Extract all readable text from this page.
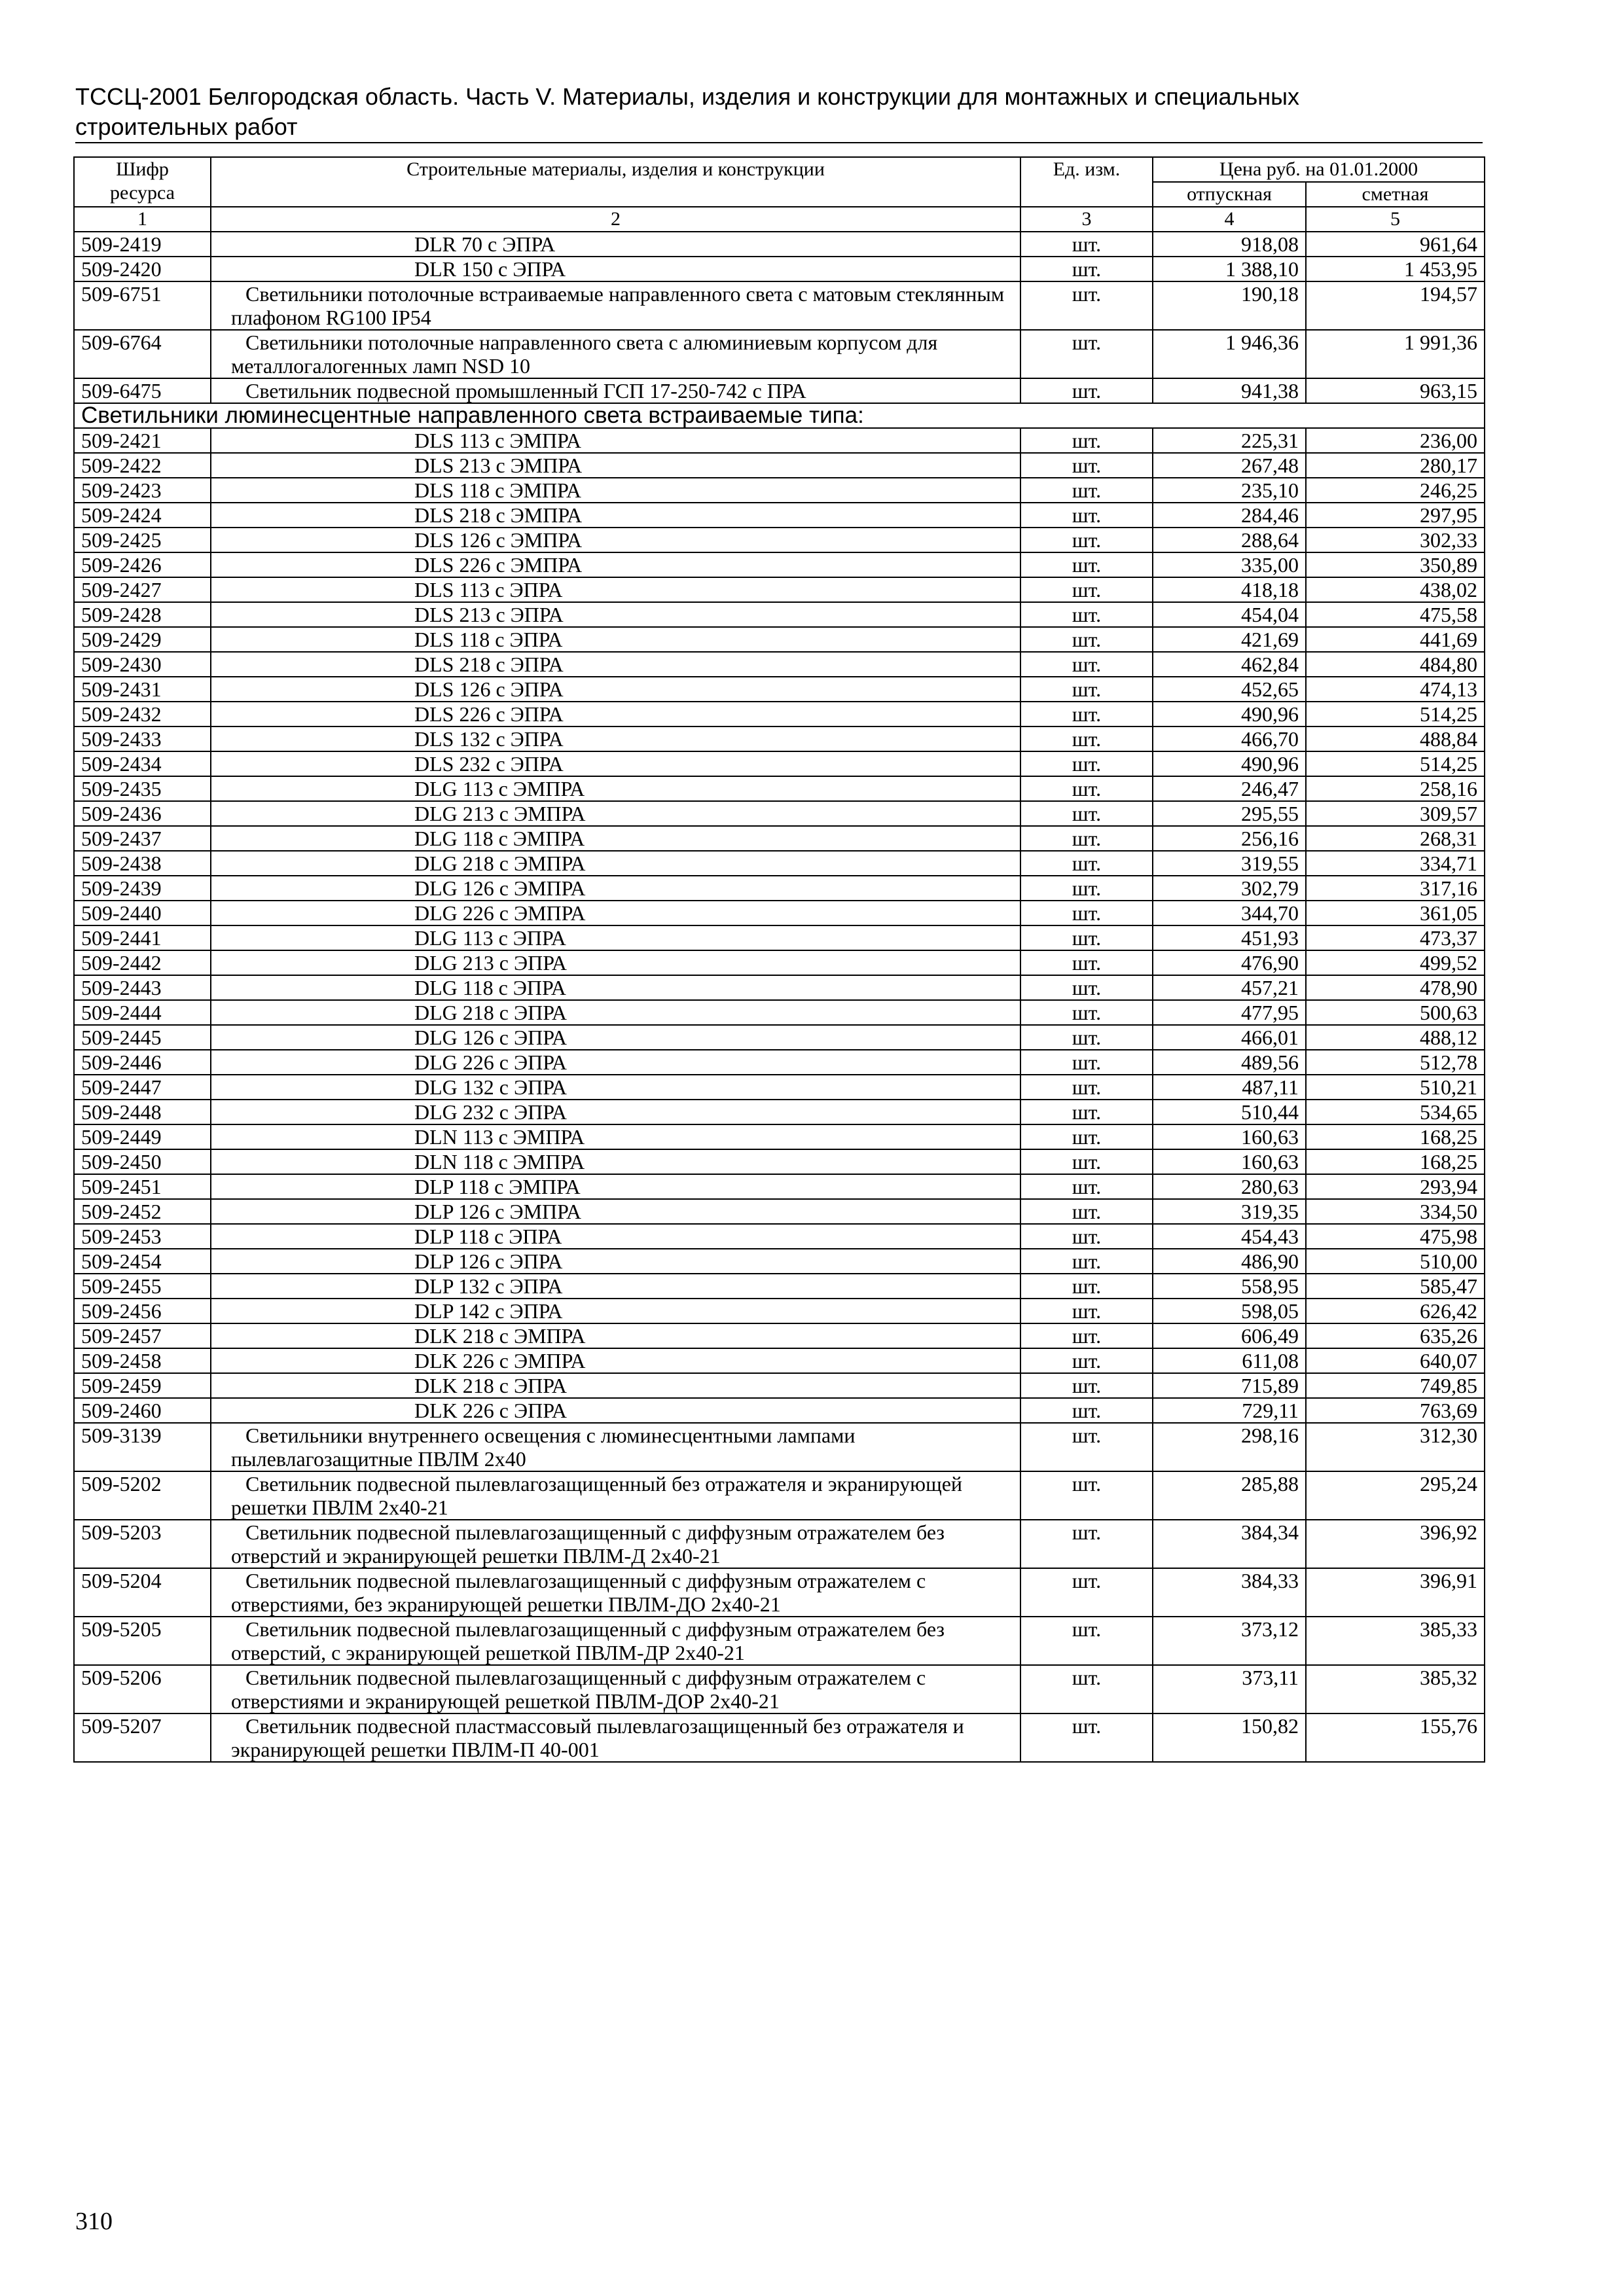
ТССЦ-2001 Белгородская область. Часть V. Материалы, изделия и конструкции для монтажных и специальных
строительных работ
Шифр ресурса	Строительные материалы, изделия и конструкции	Ед. изм.	Цена руб. на 01.01.2000	
			отпускная	сметная
1	2	3	4	5
509-2419	DLR 70 с ЭПРА	шт.	918,08	961,64
509-2420	DLR 150 с ЭПРА	шт.	1 388,10	1 453,95
509-6751	Светильники потолочные встраиваемые направленного света с матовым стеклянным плафоном RG100 IP54	шт.	190,18	194,57
509-6764	Светильники потолочные направленного света с алюминиевым корпусом для металлогалогенных ламп NSD 10	шт.	1 946,36	1 991,36
509-6475	Светильник подвесной промышленный ГСП 17-250-742 с ПРА	шт.	941,38	963,15
Светильники люминесцентные направленного света встраиваемые типа:				
509-2421	DLS 113 с ЭМПРА	шт.	225,31	236,00
509-2422	DLS 213 с ЭМПРА	шт.	267,48	280,17
509-2423	DLS 118 с ЭМПРА	шт.	235,10	246,25
509-2424	DLS 218 с ЭМПРА	шт.	284,46	297,95
509-2425	DLS 126 с ЭМПРА	шт.	288,64	302,33
509-2426	DLS 226 с ЭМПРА	шт.	335,00	350,89
509-2427	DLS 113 с ЭПРА	шт.	418,18	438,02
509-2428	DLS 213 с ЭПРА	шт.	454,04	475,58
509-2429	DLS 118 с ЭПРА	шт.	421,69	441,69
509-2430	DLS 218 с ЭПРА	шт.	462,84	484,80
509-2431	DLS 126 с ЭПРА	шт.	452,65	474,13
509-2432	DLS 226 с ЭПРА	шт.	490,96	514,25
509-2433	DLS 132 с ЭПРА	шт.	466,70	488,84
509-2434	DLS 232 с ЭПРА	шт.	490,96	514,25
509-2435	DLG 113 с ЭМПРА	шт.	246,47	258,16
509-2436	DLG 213 с ЭМПРА	шт.	295,55	309,57
509-2437	DLG 118 с ЭМПРА	шт.	256,16	268,31
509-2438	DLG 218 с ЭМПРА	шт.	319,55	334,71
509-2439	DLG 126 с ЭМПРА	шт.	302,79	317,16
509-2440	DLG 226 с ЭМПРА	шт.	344,70	361,05
509-2441	DLG 113 с ЭПРА	шт.	451,93	473,37
509-2442	DLG 213 с ЭПРА	шт.	476,90	499,52
509-2443	DLG 118 с ЭПРА	шт.	457,21	478,90
509-2444	DLG 218 с ЭПРА	шт.	477,95	500,63
509-2445	DLG 126 с ЭПРА	шт.	466,01	488,12
509-2446	DLG 226 с ЭПРА	шт.	489,56	512,78
509-2447	DLG 132 с ЭПРА	шт.	487,11	510,21
509-2448	DLG 232 с ЭПРА	шт.	510,44	534,65
509-2449	DLN 113 с ЭМПРА	шт.	160,63	168,25
509-2450	DLN 118 с ЭМПРА	шт.	160,63	168,25
509-2451	DLP 118 с ЭМПРА	шт.	280,63	293,94
509-2452	DLP 126 с ЭМПРА	шт.	319,35	334,50
509-2453	DLP 118 с ЭПРА	шт.	454,43	475,98
509-2454	DLP 126 с ЭПРА	шт.	486,90	510,00
509-2455	DLP 132 с ЭПРА	шт.	558,95	585,47
509-2456	DLP 142 с ЭПРА	шт.	598,05	626,42
509-2457	DLK 218 с ЭМПРА	шт.	606,49	635,26
509-2458	DLK 226 с ЭМПРА	шт.	611,08	640,07
509-2459	DLK 218 с ЭПРА	шт.	715,89	749,85
509-2460	DLK 226 с ЭПРА	шт.	729,11	763,69
509-3139	Светильники внутреннего освещения с люминесцентными лампами пылевлагозащитные ПВЛМ 2х40	шт.	298,16	312,30
509-5202	Светильник подвесной пылевлагозащищенный без отражателя и экранирующей решетки ПВЛМ 2х40-21	шт.	285,88	295,24
509-5203	Светильник подвесной пылевлагозащищенный с диффузным отражателем без отверстий и экранирующей решетки ПВЛМ-Д 2х40-21	шт.	384,34	396,92
509-5204	Светильник подвесной пылевлагозащищенный с диффузным отражателем с отверстиями, без экранирующей решетки ПВЛМ-ДО 2х40-21	шт.	384,33	396,91
509-5205	Светильник подвесной пылевлагозащищенный с диффузным отражателем без отверстий, с экранирующей решеткой ПВЛМ-ДР 2х40-21	шт.	373,12	385,33
509-5206	Светильник подвесной пылевлагозащищенный с диффузным отражателем с отверстиями и экранирующей решеткой ПВЛМ-ДОР 2х40-21	шт.	373,11	385,32
509-5207	Светильник подвесной пластмассовый пылевлагозащищенный без отражателя и экранирующей решетки ПВЛМ-П 40-001	шт.	150,82	155,76
310
